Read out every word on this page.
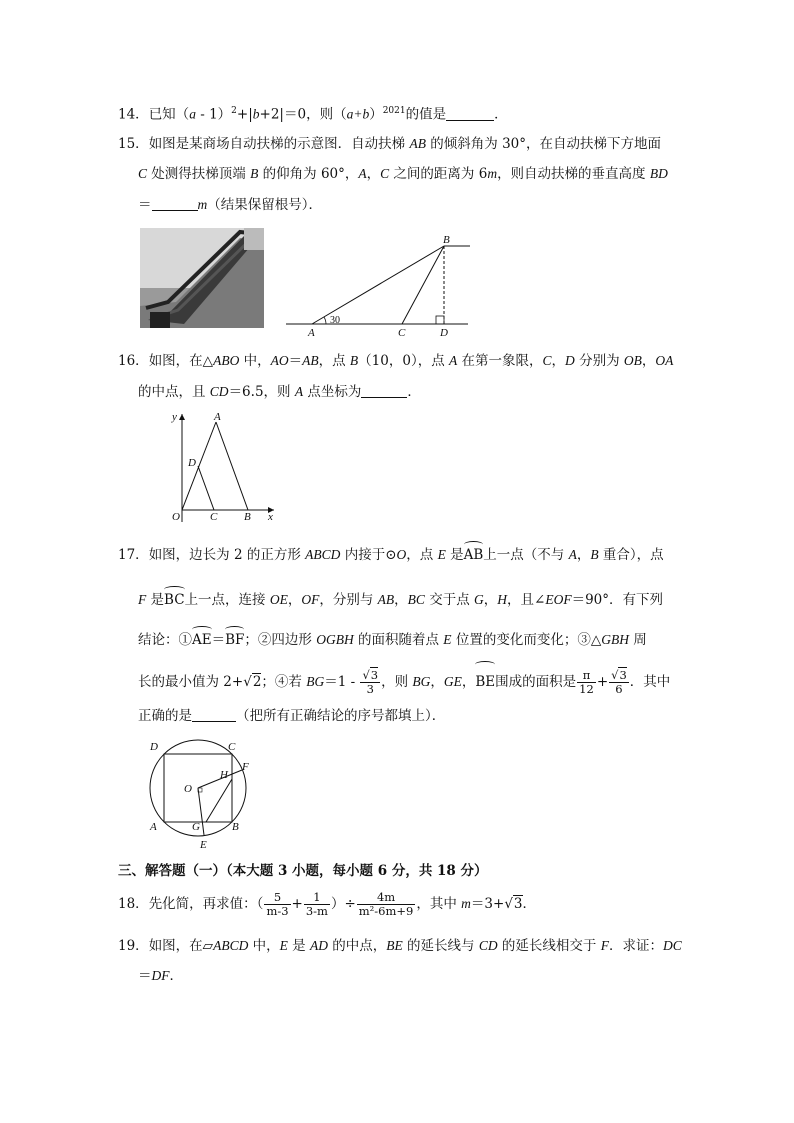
14．已知（a - 1）$^2$+|b+2|＝0，则$(a+b)^{2021}$的值是	．
15．如图是某商场自动扶梯的示意图．自动扶梯 AB 的倾斜角为 30°，在自动扶梯下方地面
C 处测得扶梯顶端 B 的仰角为 60°，A，C 之间的距离为 6m，则自动扶梯的垂直高度 BD
＝	m（结果保留根号）．
A
30
C	D
B
16．如图，在△ABO 中，AO＝AB，点 B（10，0），点 A 在第一象限，C，D 分别为 OB，OA
的中点，且 CD＝6.5，则 A 点坐标为	．
y	A
D
O	C B x
17．如图，边长为 2 的正方形 ABCD 内接于⊙O，点 E 是AB上一点（不与 A，B 重合），点
F 是BC上一点，连接 OE，OF，分别与 AB，BC 交于点 G，H，且∠EOF＝90°．有下列
结论：①AE＝BF；②四边形 OGBH 的面积随着点 E 位置的变化而变化；③△GBH 周
长的最小值为 2+√2；④若 $BG=1 - \frac{√3}{3}$ ，则 BG，GE，BE围成的面积是 $\frac{\pi}{12} + \frac{√3}{6}$ ．其中
正确的是	（把所有正确结论的序号都填上）．
D	C
H
F
O
A	G	B
E
三、解答题（一）（本大题 3 小题，每小题 6 分，共 18 分）
18．先化简，再求值：（ $\frac{5}{m-3} + \frac{1}{3-m}$ ）÷ $\frac{4m}{\text{m²-6m+9}}$ ，其中 m＝3+√3．
19．如图，在▱ABCD 中，E 是 AD 的中点，BE 的延长线与 CD 的延长线相交于 F．求证：DC
＝DF．
